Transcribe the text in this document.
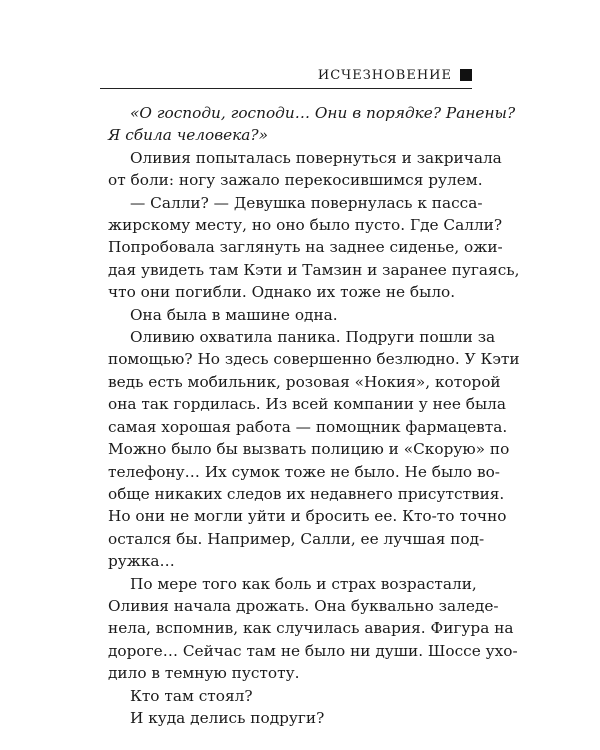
ИСЧЕЗНОВЕНИЕ
«О господи, господи… Они в порядке? Ранены?
Я сбила человека?»
Оливия попыталась повернуться и закричала
от боли: ногу зажало перекосившимся рулем.
— Салли? — Девушка повернулась к пасса-
жирскому месту, но оно было пусто. Где Салли?
Попробовала заглянуть на заднее сиденье, ожи-
дая увидеть там Кэти и Тамзин и заранее пугаясь,
что они погибли. Однако их тоже не было.
Она была в машине одна.
Оливию охватила паника. Подруги пошли за
помощью? Но здесь совершенно безлюдно. У Кэти
ведь есть мобильник, розовая «Нокия», которой
она так гордилась. Из всей компании у нее была
самая хорошая работа — помощник фармацевта.
Можно было бы вызвать полицию и «Скорую» по
телефону… Их сумок тоже не было. Не было во-
обще никаких следов их недавнего присутствия.
Но они не могли уйти и бросить ее. Кто-то точно
остался бы. Например, Салли, ее лучшая под-
ружка…
По мере того как боль и страх возрастали,
Оливия начала дрожать. Она буквально заледе-
нела, вспомнив, как случилась авария. Фигура на
дороге… Сейчас там не было ни души. Шоссе ухо-
дило в темную пустоту.
Кто там стоял?
И куда делись подруги?
